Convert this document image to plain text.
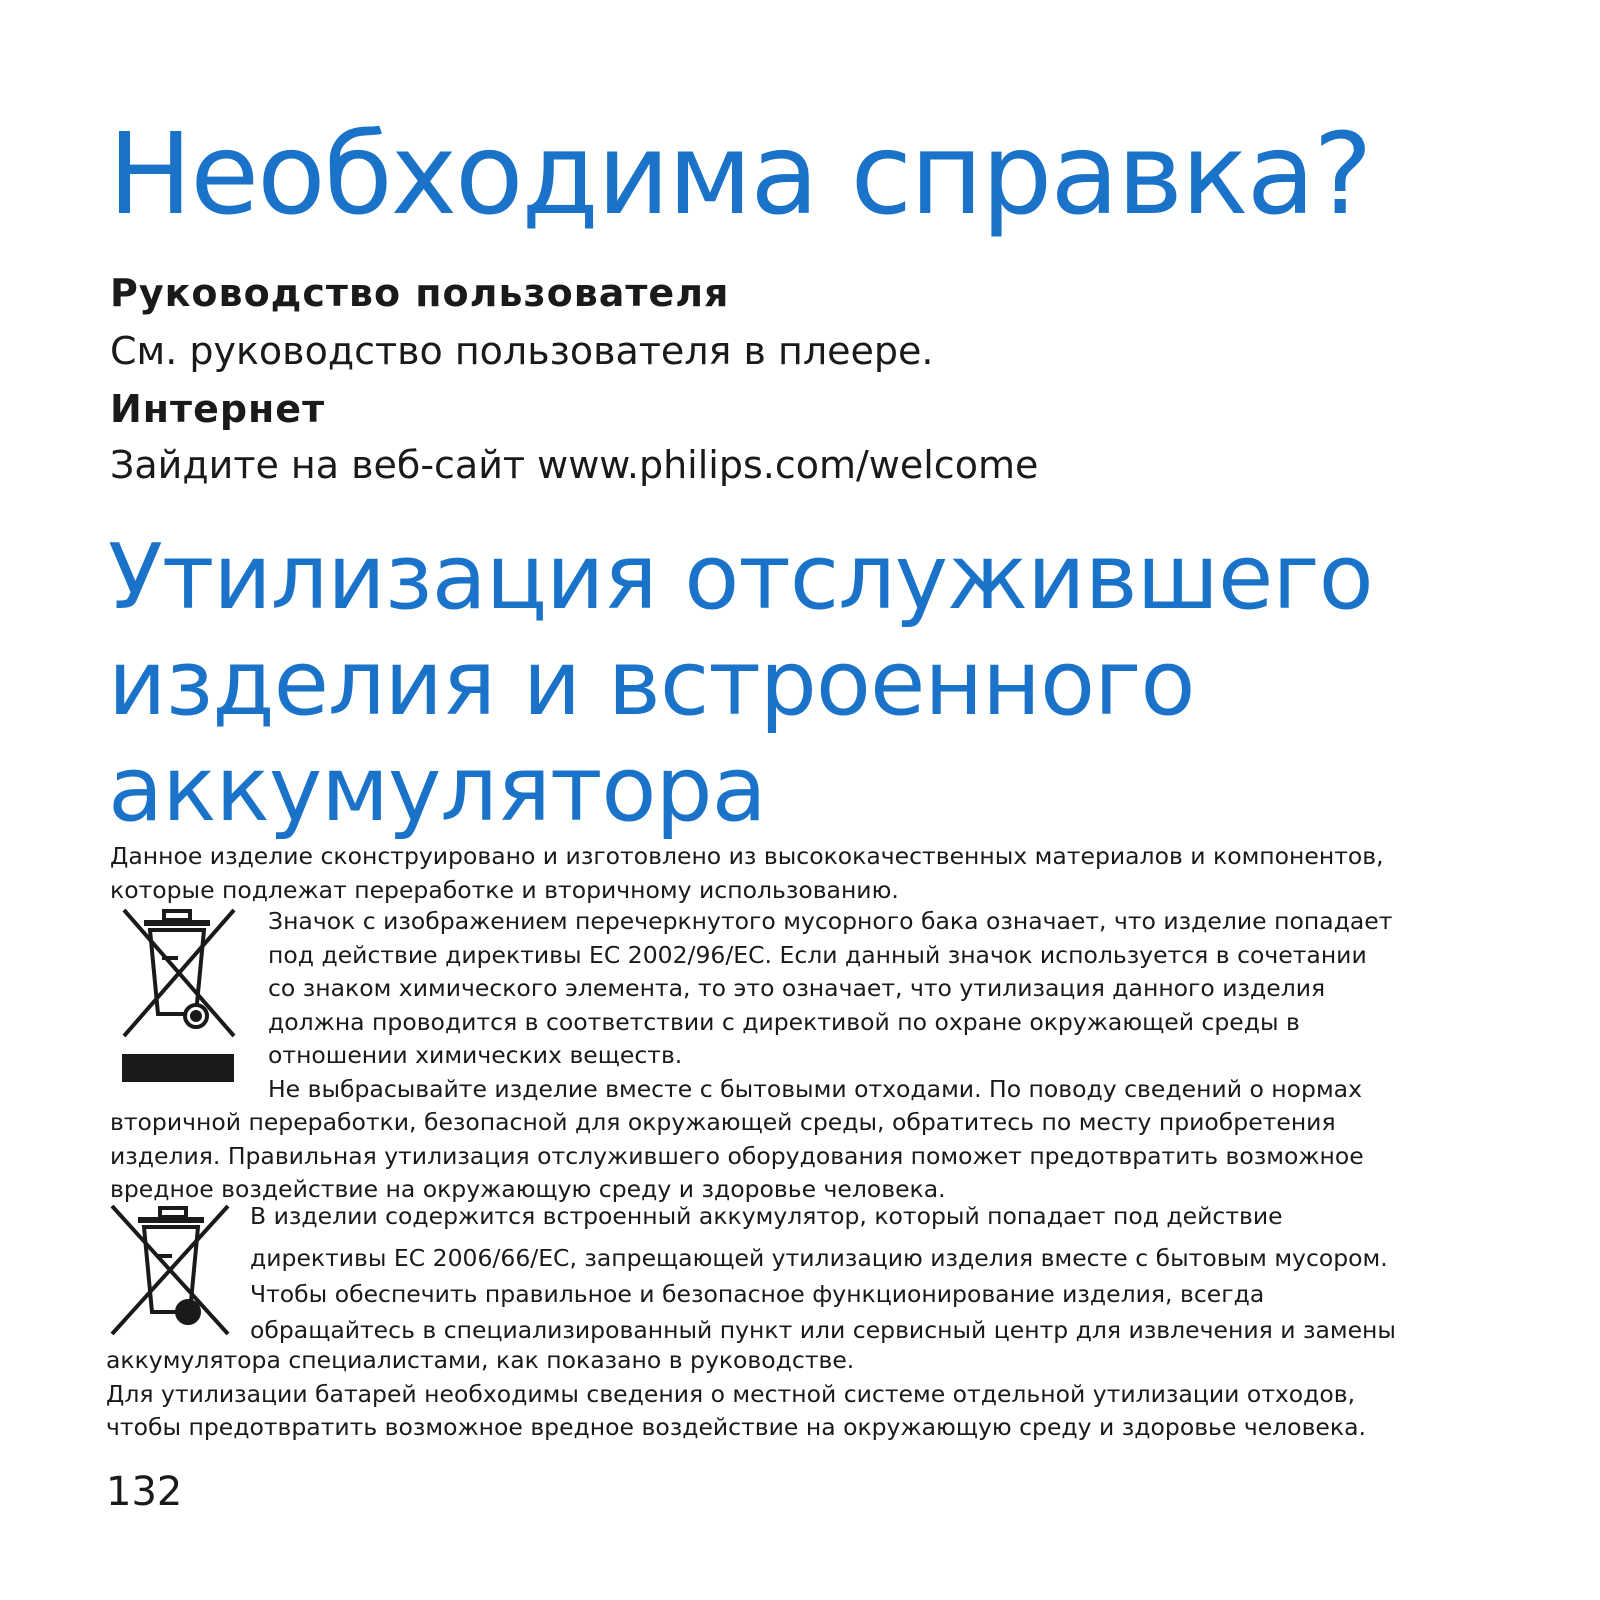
Необходима справка?
Руководство пользователя
См. руководство пользователя в плеере.
Интернет
Зайдите на веб-сайт www.philips.com/welcome
Утилизация отслужившего
изделия и встроенного
аккумулятора
Данное изделие сконструировано и изготовлено из высококачественных материалов и компонентов,
которые подлежат переработке и вторичному использованию.
Значок с изображением перечеркнутого мусорного бака означает, что изделие попадает
под действие директивы ЕС 2002/96/ЕС. Если данный значок используется в сочетании
со знаком химического элемента, то это означает, что утилизация данного изделия
должна проводится в соответствии с директивой по охране окружающей среды в
отношении химических веществ.
Не выбрасывайте изделие вместе с бытовыми отходами. По поводу сведений о нормах
вторичной переработки, безопасной для окружающей среды, обратитесь по месту приобретения
изделия. Правильная утилизация отслужившего оборудования поможет предотвратить возможное
вредное воздействие на окружающую среду и здоровье человека.
В изделии содержится встроенный аккумулятор, который попадает под действие
директивы ЕС 2006/66/ЕС, запрещающей утилизацию изделия вместе с бытовым мусором.
Чтобы обеспечить правильное и безопасное функционирование изделия, всегда
обращайтесь в специализированный пункт или сервисный центр для извлечения и замены
аккумулятора специалистами, как показано в руководстве.
Для утилизации батарей необходимы сведения о местной системе отдельной утилизации отходов,
чтобы предотвратить возможное вредное воздействие на окружающую среду и здоровье человека.
132
